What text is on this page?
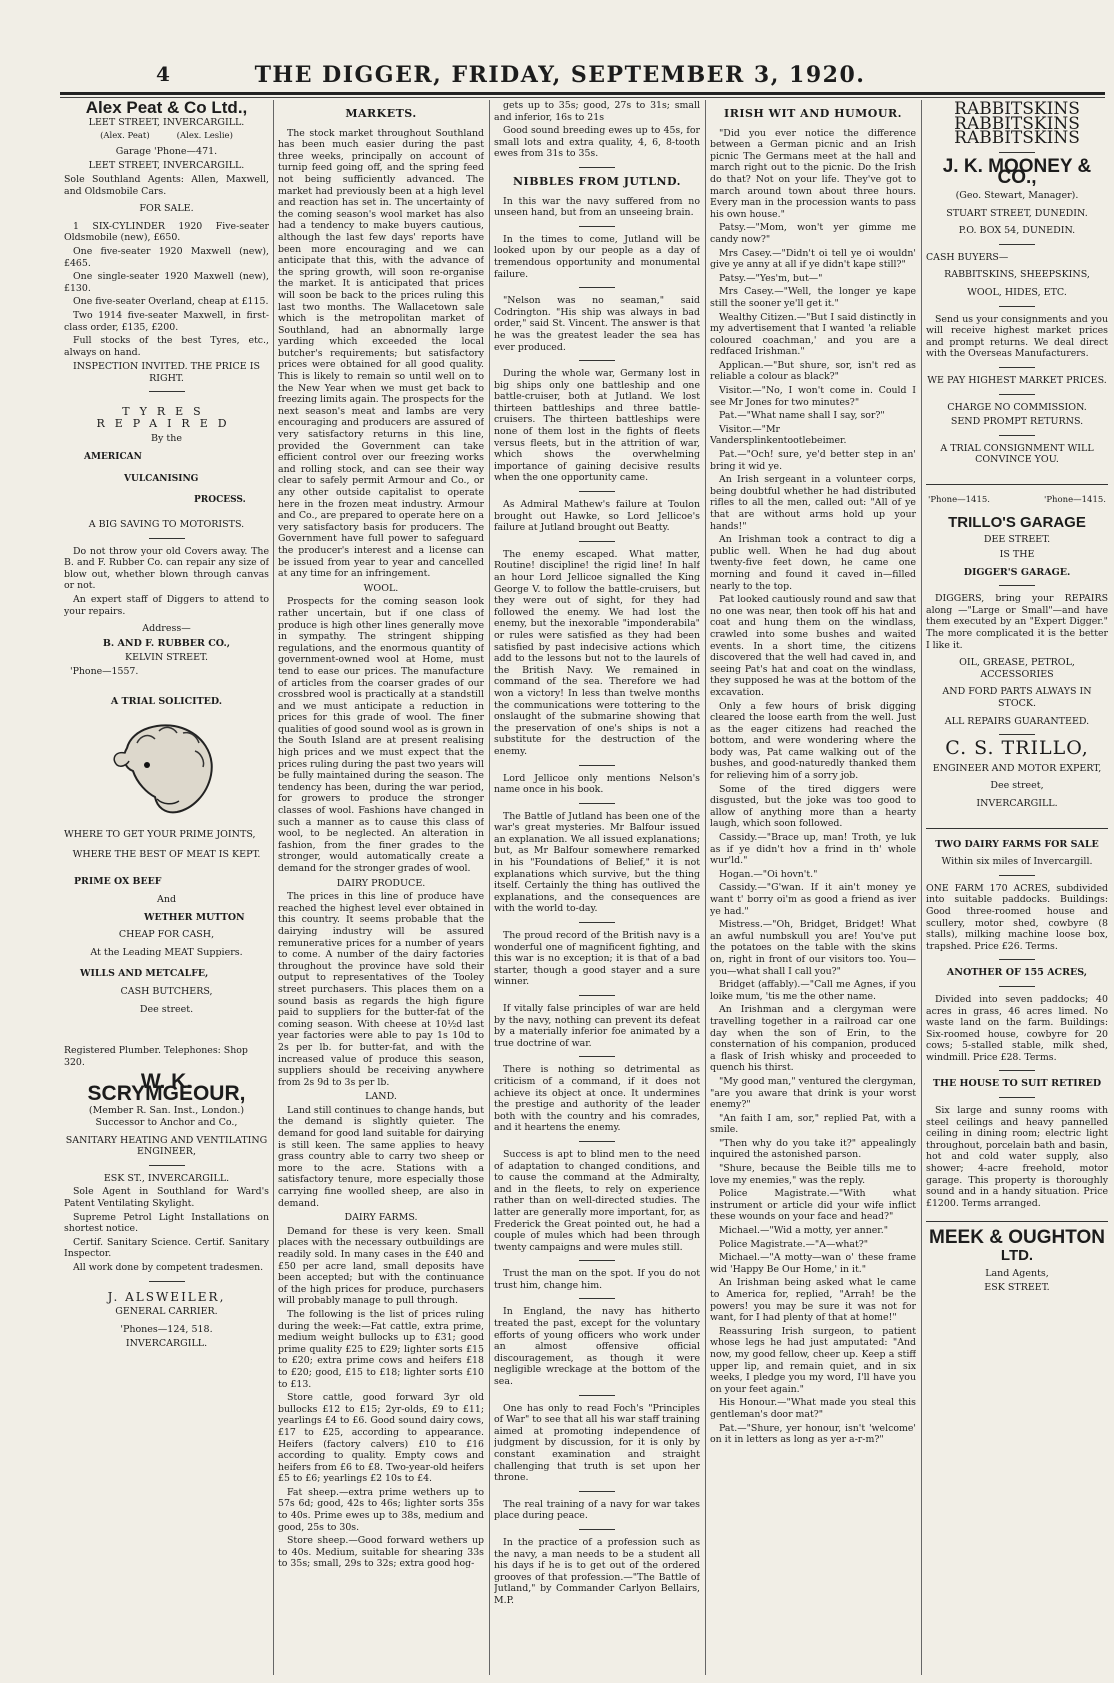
4	THE DIGGER, FRIDAY, SEPTEMBER 3, 1920.
Alex Peat & Co Ltd.,
LEET STREET, INVERCARGILL.
(Alex. Peat)          (Alex. Leslie)
Garage 'Phone—471.
LEET STREET, INVERCARGILL.

Sole Southland Agents: Allen, Maxwell, and Oldsmobile Cars.

FOR SALE.

1 SIX-CYLINDER 1920 Five-seater Oldsmobile (new), £650.

One five-seater 1920 Maxwell (new), £465.

One single-seater 1920 Maxwell (new), £130.

One five-seater Overland, cheap at £115.

Two 1914 five-seater Maxwell, in first-class order, £135, £200.

Full stocks of the best Tyres, etc., always on hand.

INSPECTION INVITED. THE PRICE IS RIGHT.
TYRES REPAIRED
By the
AMERICAN
VULCANISING
PROCESS.
A BIG SAVING TO MOTORISTS.

Do not throw your old Covers away. The B. and F. Rubber Co. can repair any size of blow out, whether blown through canvas or not.

An expert staff of Diggers to attend to your repairs.

Address—
B. AND F. RUBBER CO.,
KELVIN STREET.
'Phone—1557.
A TRIAL SOLICITED.
WHERE TO GET YOUR PRIME JOINTS,
WHERE THE BEST OF MEAT IS KEPT.
PRIME OX BEEF
And
WETHER MUTTON
CHEAP FOR CASH,
At the Leading MEAT Suppiers.
WILLS AND METCALFE,
CASH BUTCHERS,
Dee street.
Registered Plumber. Telephones: Shop 320.
W. K. SCRYMGEOUR,
(Member R. San. Inst., London.) Successor to Anchor and Co.,
SANITARY HEATING AND VENTILATING ENGINEER,
ESK ST., INVERCARGILL.

Sole Agent in Southland for Ward's Patent Ventilating Skylight.

Supreme Petrol Light Installations on shortest notice.

Certif. Sanitary Science. Certif. Sanitary Inspector.

All work done by competent tradesmen.

J. ALSWEILER,
GENERAL CARRIER.
'Phones—124, 518.
INVERCARGILL.
MARKETS.

The stock market throughout Southland has been much easier during the past three weeks, principally on account of turnip feed going off, and the spring feed not being sufficiently advanced. The market had previously been at a high level and reaction has set in. The uncertainty of the coming season's wool market has also had a tendency to make buyers cautious, although the last few days' reports have been more encouraging and we can anticipate that this, with the advance of the spring growth, will soon re-organise the market. It is anticipated that prices will soon be back to the prices ruling this last two months. The Wallacetown sale which is the metropolitan market of Southland, had an abnormally large yarding which exceeded the local butcher's requirements; but satisfactory prices were obtained for all good quality. This is likely to remain so until well on to the New Year when we must get back to freezing limits again. The prospects for the next season's meat and lambs are very encouraging and producers are assured of very satisfactory returns in this line, provided the Government can take efficient control over our freezing works and rolling stock, and can see their way clear to safely permit Armour and Co., or any other outside capitalist to operate here in the frozen meat industry. Armour and Co., are prepared to operate here on a very satisfactory basis for producers. The Government have full power to safeguard the producer's interest and a license can be issued from year to year and cancelled at any time for an infringement.

WOOL.

Prospects for the coming season look rather uncertain, but if one class of produce is high other lines generally move in sympathy. The stringent shipping regulations, and the enormous quantity of government-owned wool at Home, must tend to ease our prices. The manufacture of articles from the coarser grades of our crossbred wool is practically at a standstill and we must anticipate a reduction in prices for this grade of wool. The finer qualities of good sound wool as is grown in the South Island are at present realising high prices and we must expect that the prices ruling during the past two years will be fully maintained during the season. The tendency has been, during the war period, for growers to produce the stronger classes of wool. Fashions have changed in such a manner as to cause this class of wool, to be neglected. An alteration in fashion, from the finer grades to the stronger, would automatically create a demand for the stronger grades of wool.

DAIRY PRODUCE.

The prices in this line of produce have reached the highest level ever obtained in this country. It seems probable that the dairying industry will be assured remunerative prices for a number of years to come. A number of the dairy factories throughout the province have sold their output to representatives of the Tooley street purchasers. This places them on a sound basis as regards the high figure paid to suppliers for the butter-fat of the coming season. With cheese at 10½d last year factories were able to pay 1s 10d to 2s per lb. for butter-fat, and with the increased value of produce this season, suppliers should be receiving anywhere from 2s 9d to 3s per lb.

LAND.

Land still continues to change hands, but the demand is slightly quieter. The demand for good land suitable for dairying is still keen. The same applies to heavy grass country able to carry two sheep or more to the acre. Stations with a satisfactory tenure, more especially those carrying fine woolled sheep, are also in demand.

DAIRY FARMS.

Demand for these is very keen. Small places with the necessary outbuildings are readily sold. In many cases in the £40 and £50 per acre land, small deposits have been accepted; but with the continuance of the high prices for produce, purchasers will probably manage to pull through.

The following is the list of prices ruling during the week:—Fat cattle, extra prime, medium weight bullocks up to £31; good prime quality £25 to £29; lighter sorts £15 to £20; extra prime cows and heifers £18 to £20; good, £15 to £18; lighter sorts £10 to £13.

Store cattle, good forward 3yr old bullocks £12 to £15; 2yr-olds, £9 to £11; yearlings £4 to £6. Good sound dairy cows, £17 to £25, according to appearance. Heifers (factory calvers) £10 to £16 according to quality. Empty cows and heifers from £6 to £8. Two-year-old heifers £5 to £6; yearlings £2 10s to £4.

Fat sheep.—extra prime wethers up to 57s 6d; good, 42s to 46s; lighter sorts 35s to 40s. Prime ewes up to 38s, medium and good, 25s to 30s.

Store sheep.—Good forward wethers up to 40s. Medium, suitable for shearing 33s to 35s; small, 29s to 32s; extra good hog-

gets up to 35s; good, 27s to 31s; small and inferior, 16s to 21s

Good sound breeding ewes up to 45s, for small lots and extra quality, 4, 6, 8-tooth ewes from 31s to 35s.

NIBBLES FROM JUTLND.

In this war the navy suffered from no unseen hand, but from an unseeing brain.

In the times to come, Jutland will be looked upon by our people as a day of tremendous opportunity and monumental failure.

"Nelson was no seaman," said Codrington. "His ship was always in bad order," said St. Vincent. The answer is that he was the greatest leader the sea has ever produced.

During the whole war, Germany lost in big ships only one battleship and one battle-cruiser, both at Jutland. We lost thirteen battleships and three battle-cruisers. The thirteen battleships were none of them lost in the fights of fleets versus fleets, but in the attrition of war, which shows the overwhelming importance of gaining decisive results when the one opportunity came.

As Admiral Mathew's failure at Toulon brought out Hawke, so Lord Jellicoe's failure at Jutland brought out Beatty.

The enemy escaped. What matter, Routine! discipline! the rigid line! In half an hour Lord Jellicoe signalled the King George V. to follow the battle-cruisers, but they were out of sight, for they had followed the enemy. We had lost the enemy, but the inexorable "imponderabila" or rules were satisfied as they had been satisfied by past indecisive actions which add to the lessons but not to the laurels of the British Navy. We remained in command of the sea. Therefore we had won a victory! In less than twelve months the communications were tottering to the onslaught of the submarine showing that the preservation of one's ships is not a substitute for the destruction of the enemy.

Lord Jellicoe only mentions Nelson's name once in his book.

The Battle of Jutland has been one of the war's great mysteries. Mr Balfour issued an explanation. We all issued explanations; but, as Mr Balfour somewhere remarked in his "Foundations of Belief," it is not explanations which survive, but the thing itself. Certainly the thing has outlived the explanations, and the consequences are with the world to-day.

The proud record of the British navy is a wonderful one of magnificent fighting, and this war is no exception; it is that of a bad starter, though a good stayer and a sure winner.

If vitally false principles of war are held by the navy, nothing can prevent its defeat by a materially inferior foe animated by a true doctrine of war.

There is nothing so detrimental as criticism of a command, if it does not achieve its object at once. It undermines the prestige and authority of the leader both with the country and his comrades, and it heartens the enemy.

Success is apt to blind men to the need of adaptation to changed conditions, and to cause the command at the Admiralty, and in the fleets, to rely on experience rather than on well-directed studies. The latter are generally more important, for, as Frederick the Great pointed out, he had a couple of mules which had been through twenty campaigns and were mules still.

Trust the man on the spot. If you do not trust him, change him.

In England, the navy has hitherto treated the past, except for the voluntary efforts of young officers who work under an almost offensive official discouragement, as though it were negligible wreckage at the bottom of the sea.

One has only to read Foch's "Principles of War" to see that all his war staff training aimed at promoting independence of judgment by discussion, for it is only by constant examination and straight challenging that truth is set upon her throne.

The real training of a navy for war takes place during peace.

In the practice of a profession such as the navy, a man needs to be a student all his days if he is to get out of the ordered grooves of that profession.—"The Battle of Jutland," by Commander Carlyon Bellairs, M.P.

IRISH WIT AND HUMOUR.

"Did you ever notice the difference between a German picnic and an Irish picnic The Germans meet at the hall and march right out to the picnic. Do the Irish do that? Not on your life. They've got to march around town about three hours. Every man in the procession wants to pass his own house."

Patsy.—"Mom, won't yer gimme me candy now?"

Mrs Casey.—"Didn't oi tell ye oi wouldn' give ye anny at all if ye didn't kape still?"

Patsy.—"Yes'm, but—"

Mrs Casey.—"Well, the longer ye kape still the sooner ye'll get it."

Wealthy Citizen.—"But I said distinctly in my advertisement that I wanted 'a reliable coloured coachman,' and you are a redfaced Irishman."

Applican.—"But shure, sor, isn't red as reliable a colour as black?"

Visitor.—"No, I won't come in. Could I see Mr Jones for two minutes?"

Pat.—"What name shall I say, sor?"

Visitor.—"Mr Vandersplinkentootlebeimer.

Pat.—"Och! sure, ye'd better step in an' bring it wid ye.

An Irish sergeant in a volunteer corps, being doubtful whether he had distributed rifles to all the men, called out: "All of ye that are without arms hold up your hands!"

An Irishman took a contract to dig a public well. When he had dug about twenty-five feet down, he came one morning and found it caved in—filled nearly to the top.

Pat looked cautiously round and saw that no one was near, then took off his hat and coat and hung them on the windlass, crawled into some bushes and waited events. In a short time, the citizens discovered that the well had caved in, and seeing Pat's hat and coat on the windlass, they supposed he was at the bottom of the excavation.

Only a few hours of brisk digging cleared the loose earth from the well. Just as the eager citizens had reached the bottom, and were wondering where the body was, Pat came walking out of the bushes, and good-naturedly thanked them for relieving him of a sorry job.

Some of the tired diggers were disgusted, but the joke was too good to allow of anything more than a hearty laugh, which soon followed.

Cassidy.—"Brace up, man! Troth, ye luk as if ye didn't hov a frind in th' whole wur'ld."

Hogan.—"Oi hovn't."

Cassidy.—"G'wan. If it ain't money ye want t' borry oi'm as good a friend as iver ye had."

Mistress.—"Oh, Bridget, Bridget! What an awful numbskull you are! You've put the potatoes on the table with the skins on, right in front of our visitors too. You—you—what shall I call you?"

Bridget (affably).—"Call me Agnes, if you loike mum, 'tis me the other name.

An Irishman and a clergyman were travelling together in a railroad car one day when the son of Erin, to the consternation of his companion, produced a flask of Irish whisky and proceeded to quench his thirst.

"My good man," ventured the clergyman, "are you aware that drink is your worst enemy?"

"An faith I am, sor," replied Pat, with a smile.

"Then why do you take it?" appealingly inquired the astonished parson.

"Shure, because the Beible tills me to love my enemies," was the reply.

Police Magistrate.—"With what instrument or article did your wife inflict these wounds on your face and head?"

Michael.—"Wid a motty, yer anner."

Police Magistrate.—"A—what?"

Michael.—"A motty—wan o' these frame wid 'Happy Be Our Home,' in it."

An Irishman being asked what le came to America for, replied, "Arrah! be the powers! you may be sure it was not for want, for I had plenty of that at home!"

Reassuring Irish surgeon, to patient whose legs he had just amputated: "And now, my good fellow, cheer up. Keep a stiff upper lip, and remain quiet, and in six weeks, I pledge you my word, I'll have you on your feet again."

His Honour.—"What made you steal this gentleman's door mat?"

Pat.—"Shure, yer honour, isn't 'welcome' on it in letters as long as yer a-r-m?"

RABBITSKINS
RABBITSKINS
RABBITSKINS
J. K. MOONEY & CO.,
(Geo. Stewart, Manager).
STUART STREET, DUNEDIN.
P.O. BOX 54, DUNEDIN.
CASH BUYERS—
RABBITSKINS, SHEEPSKINS,
WOOL, HIDES, ETC.

Send us your consignments and you will receive highest market prices and prompt returns. We deal direct with the Overseas Manufacturers.

WE PAY HIGHEST MARKET PRICES.
CHARGE NO COMMISSION.
SEND PROMPT RETURNS.
A TRIAL CONSIGNMENT WILL CONVINCE YOU.
'Phone—1415.	'Phone—1415.
TRILLO'S GARAGE
DEE STREET.
IS THE
DIGGER'S GARAGE.

DIGGERS, bring your REPAIRS along —"Large or Small"—and have them executed by an "Expert Digger." The more complicated it is the better I like it.

OIL, GREASE, PETROL, ACCESSORIES
AND FORD PARTS ALWAYS IN STOCK.
ALL REPAIRS GUARANTEED.
C. S. TRILLO,
ENGINEER AND MOTOR EXPERT,
Dee street,
INVERCARGILL.
TWO DAIRY FARMS FOR SALE
Within six miles of Invercargill.

ONE FARM 170 ACRES, subdivided into suitable paddocks. Buildings: Good three-roomed house and scullery, motor shed, cowbyre (8 stalls), milking machine loose box, trapshed. Price £26. Terms.

ANOTHER OF 155 ACRES,

Divided into seven paddocks; 40 acres in grass, 46 acres limed. No waste land on the farm. Buildings: Six-roomed house, cowbyre for 20 cows; 5-stalled stable, milk shed, windmill. Price £28. Terms.

THE HOUSE TO SUIT RETIRED

Six large and sunny rooms with steel ceilings and heavy pannelled ceiling in dining room; electric light throughout, porcelain bath and basin, hot and cold water supply, also shower; 4-acre freehold, motor garage. This property is thoroughly sound and in a handy situation. Price £1200. Terms arranged.

MEEK & OUGHTON
LTD.
Land Agents,
ESK STREET.
